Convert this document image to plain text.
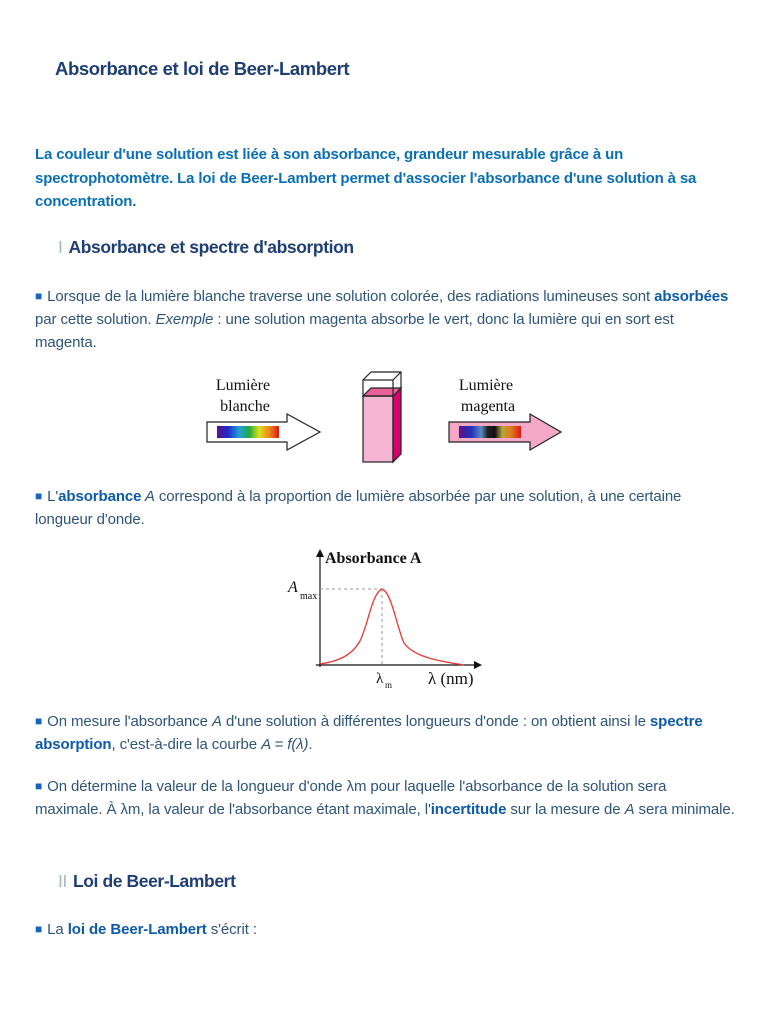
Absorbance et loi de Beer-Lambert
La couleur d'une solution est liée à son absorbance, grandeur mesurable grâce à un spectrophotomètre. La loi de Beer-Lambert permet d'associer l'absorbance d'une solution à sa concentration.
I Absorbance et spectre d'absorption
■ Lorsque de la lumière blanche traverse une solution colorée, des radiations lumineuses sont absorbées par cette solution. Exemple : une solution magenta absorbe le vert, donc la lumière qui en sort est magenta.
Lumière
blanche
Lumière
magenta
■ L'absorbance A correspond à la proportion de lumière absorbée par une solution, à une certaine longueur d'onde.
Absorbance A
A
max
λ m λ (nm)
■ On mesure l'absorbance A d'une solution à différentes longueurs d'onde : on obtient ainsi le spectre absorption, c'est-à-dire la courbe A = f(λ).
■ On détermine la valeur de la longueur d'onde λm pour laquelle l'absorbance de la solution sera maximale. À λm, la valeur de l'absorbance étant maximale, l'incertitude sur la mesure de A sera minimale.
II Loi de Beer-Lambert
■ La loi de Beer-Lambert s'écrit :
